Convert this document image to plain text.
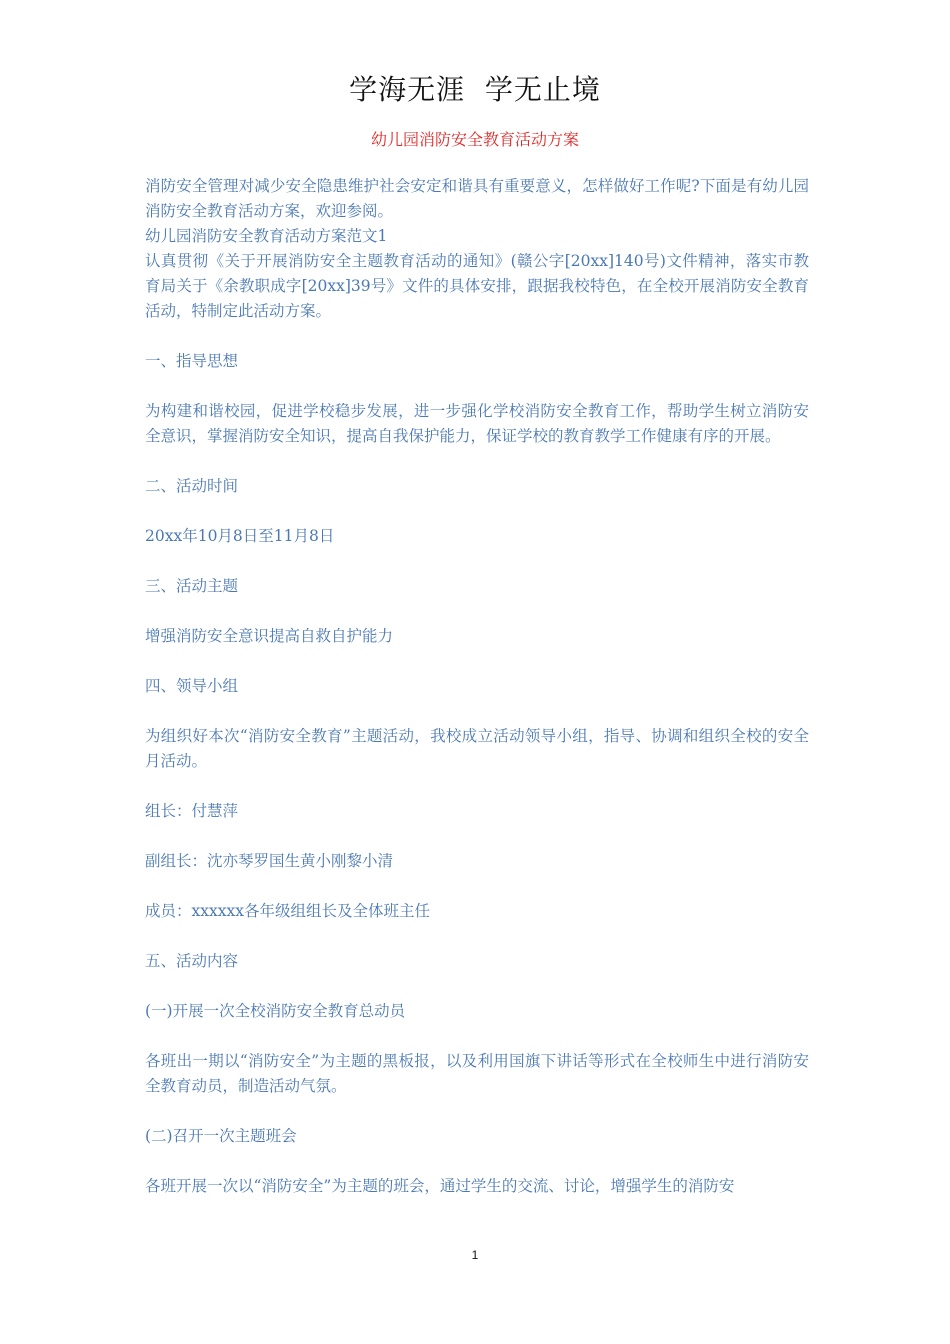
学海无涯  学无止境
幼儿园消防安全教育活动方案

消防安全管理对减少安全隐患维护社会安定和谐具有重要意义，怎样做好工作呢?下面是有幼儿园消防安全教育活动方案，欢迎参阅。

幼儿园消防安全教育活动方案范文1

认真贯彻《关于开展消防安全主题教育活动的通知》(赣公字[20xx]140号)文件精神，落实市教育局关于《余教职成字[20xx]39号》文件的具体安排，跟据我校特色，在全校开展消防安全教育活动，特制定此活动方案。

一、指导思想

为构建和谐校园，促进学校稳步发展，进一步强化学校消防安全教育工作，帮助学生树立消防安全意识，掌握消防安全知识，提高自我保护能力，保证学校的教育教学工作健康有序的开展。

二、活动时间

20xx年10月8日至11月8日

三、活动主题

增强消防安全意识提高自救自护能力

四、领导小组

为组织好本次“消防安全教育”主题活动，我校成立活动领导小组，指导、协调和组织全校的安全月活动。

组长：付慧萍

副组长：沈亦琴罗国生黄小刚黎小清

成员：xxxxxx各年级组组长及全体班主任

五、活动内容

(一)开展一次全校消防安全教育总动员

各班出一期以“消防安全”为主题的黑板报，以及利用国旗下讲话等形式在全校师生中进行消防安全教育动员，制造活动气氛。

(二)召开一次主题班会

各班开展一次以“消防安全”为主题的班会，通过学生的交流、讨论，增强学生的消防安

1
